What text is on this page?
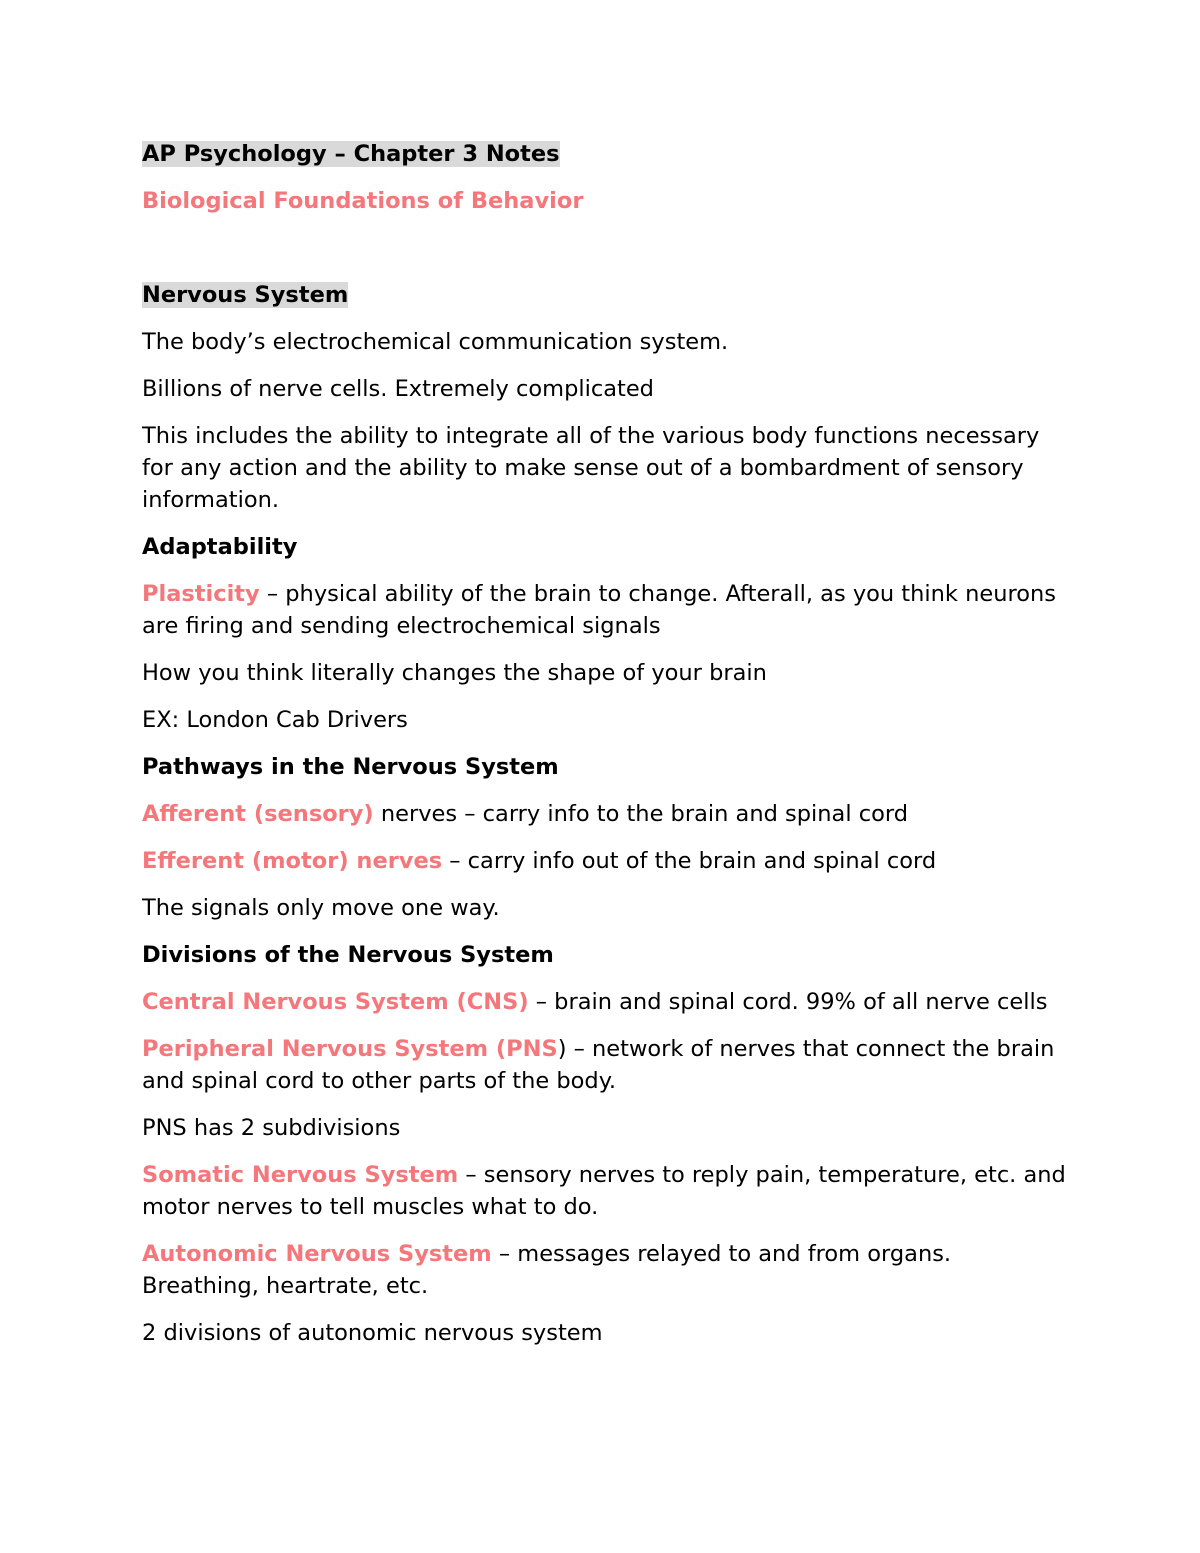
AP Psychology – Chapter 3 Notes

Biological Foundations of Behavior

Nervous System

The body’s electrochemical communication system.

Billions of nerve cells. Extremely complicated

This includes the ability to integrate all of the various body functions necessary for any action and the ability to make sense out of a bombardment of sensory information.

Adaptability

Plasticity – physical ability of the brain to change. Afterall, as you think neurons are firing and sending electrochemical signals

How you think literally changes the shape of your brain

EX: London Cab Drivers

Pathways in the Nervous System

Afferent (sensory) nerves – carry info to the brain and spinal cord

Efferent (motor) nerves – carry info out of the brain and spinal cord

The signals only move one way.

Divisions of the Nervous System

Central Nervous System (CNS) – brain and spinal cord. 99% of all nerve cells

Peripheral Nervous System (PNS) – network of nerves that connect the brain and spinal cord to other parts of the body.

PNS has 2 subdivisions

Somatic Nervous System – sensory nerves to reply pain, temperature, etc. and motor nerves to tell muscles what to do.

Autonomic Nervous System – messages relayed to and from organs. Breathing, heartrate, etc.

2 divisions of autonomic nervous system
